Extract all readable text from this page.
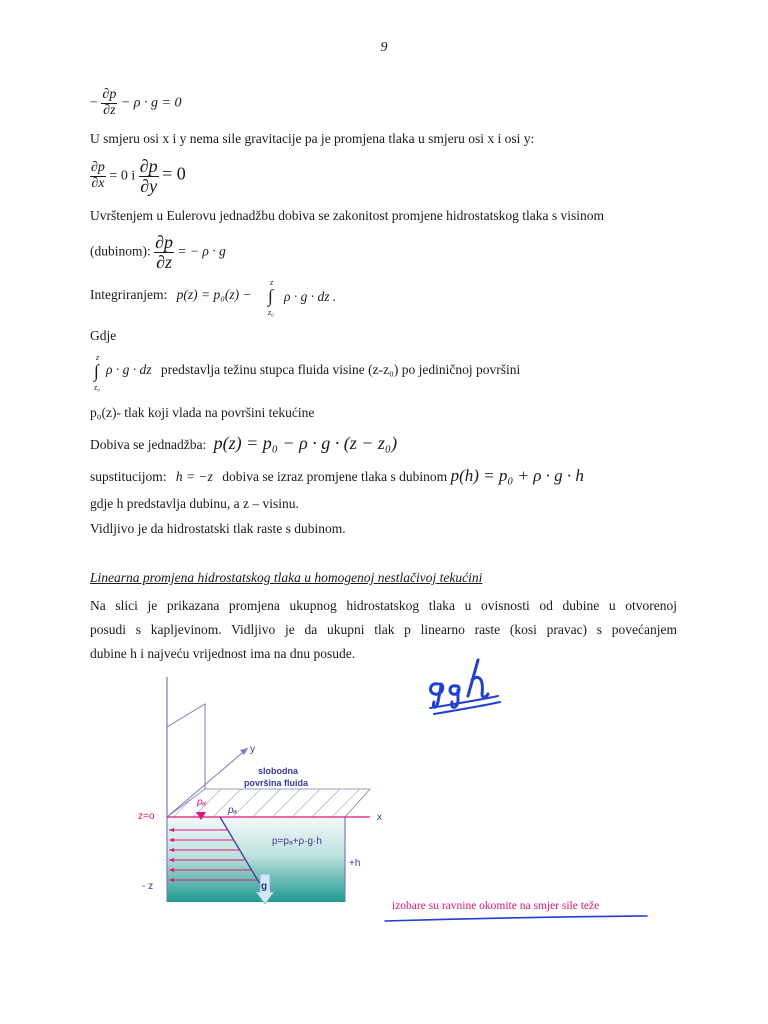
9
− $\frac{\partial p}{\partial z} - \rho \cdot g = 0$
U smjeru osi x i y nema sile gravitacije pa je promjena tlaka u smjeru osi x i osi y:
$\frac{\partial p}{\partial x} = 0$ i $\frac{\partial p}{\partial y} = 0$
Uvrštenjem u Eulerovu jednadžbu dobiva se zakonitost promjene hidrostatskog tlaka s visinom
(dubinom): $\frac{\partial p}{\partial z}$ = − ρ · g
Integriranjem: p(z) = p₀(z) −
z
∫
z₀
ρ · g · dz .
Gdje
z
∫
z₀
ρ · g · dz predstavlja težinu stupca fluida visine (z-z₀) po jediničnoj površini
p₀(z)- tlak koji vlada na površini tekućine
Dobiva se jednadžba: p(z) = p₀ − ρ · g · (z − z₀)
supstitucijom: h = −z dobiva se izraz promjene tlaka s dubinom p(h) = p₀ + ρ · g · h
gdje h predstavlja dubinu, a z – visinu.
Vidljivo je da hidrostatski tlak raste s dubinom.
Linearna promjena hidrostatskog tlaka u homogenoj nestlačivoj tekućini
Na slici je prikazana promjena ukupnog hidrostatskog tlaka u ovisnosti od dubine u otvorenoj
posudi s kapljevinom. Vidljivo je da ukupni tlak p linearno raste (kosi pravac) s povećanjem
dubine h i najveću vrijednost ima na dnu posude.
y
x
z=o
- z
slobodna
površina fluida
pₐ
pₐ
p=pₐ+ρ·g·h
+h
g
izobare su ravnine okomite na smjer sile teže
